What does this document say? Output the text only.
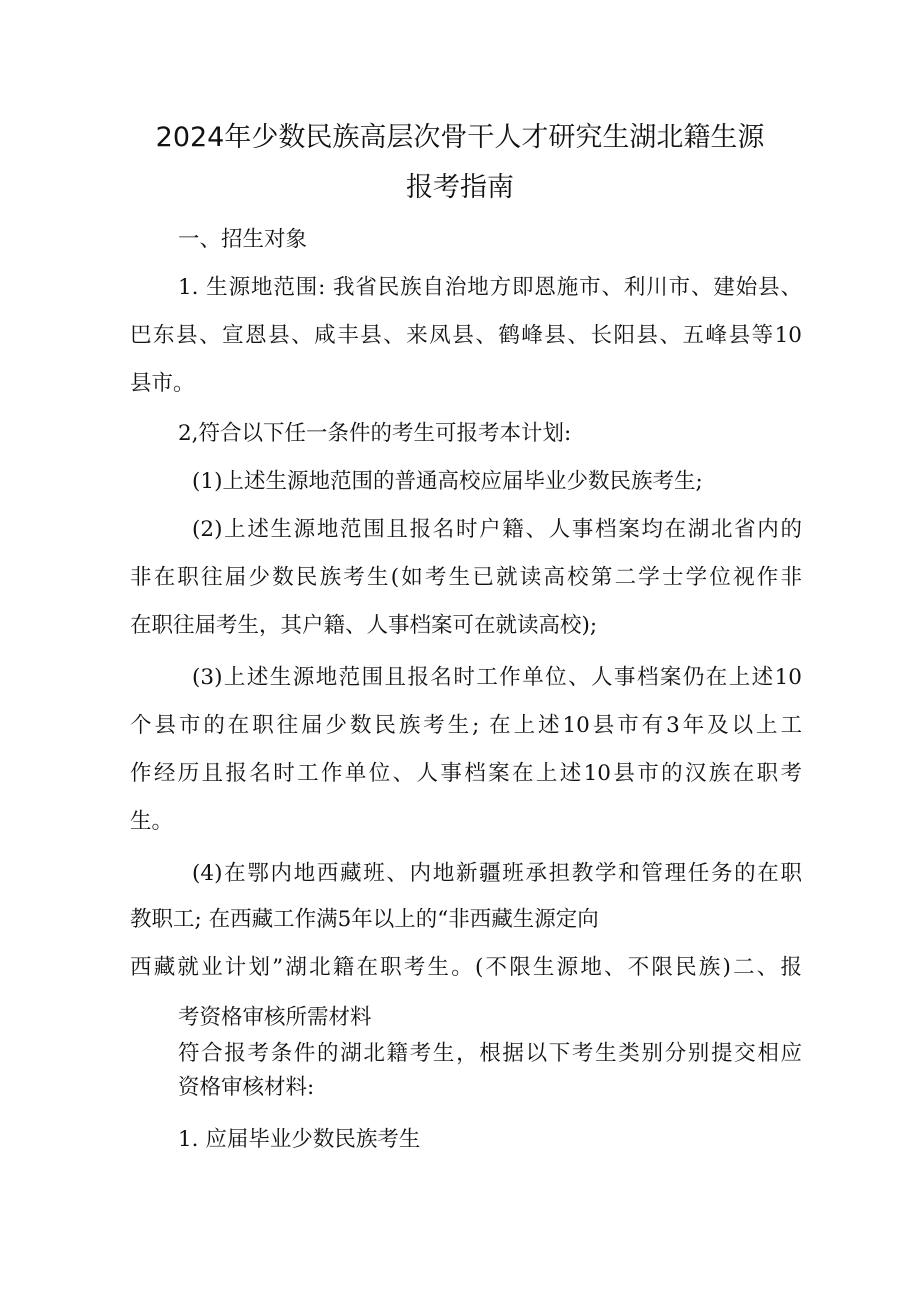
2024年少数民族高层次骨干人才研究生湖北籍生源
报考指南

一、招生对象

1. 生源地范围: 我省民族自治地方即恩施市、利川市、建始县、

巴东县、宣恩县、咸丰县、来凤县、鹤峰县、长阳县、五峰县等10

县市。

2,符合以下任一条件的考生可报考本计划:

(1)上述生源地范围的普通高校应届毕业少数民族考生;

(2)上述生源地范围且报名时户籍、人事档案均在湖北省内的

非在职往届少数民族考生(如考生已就读高校第二学士学位视作非

在职往届考生，其户籍、人事档案可在就读高校);

(3)上述生源地范围且报名时工作单位、人事档案仍在上述10

个县市的在职往届少数民族考生; 在上述10县市有3年及以上工

作经历且报名时工作单位、人事档案在上述10县市的汉族在职考

生。

(4)在鄂内地西藏班、内地新疆班承担教学和管理任务的在职

教职工; 在西藏工作满5年以上的“非西藏生源定向

西藏就业计划”湖北籍在职考生。(不限生源地、不限民族)二、报

考资格审核所需材料

符合报考条件的湖北籍考生，根据以下考生类别分别提交相应

资格审核材料:

1. 应届毕业少数民族考生
